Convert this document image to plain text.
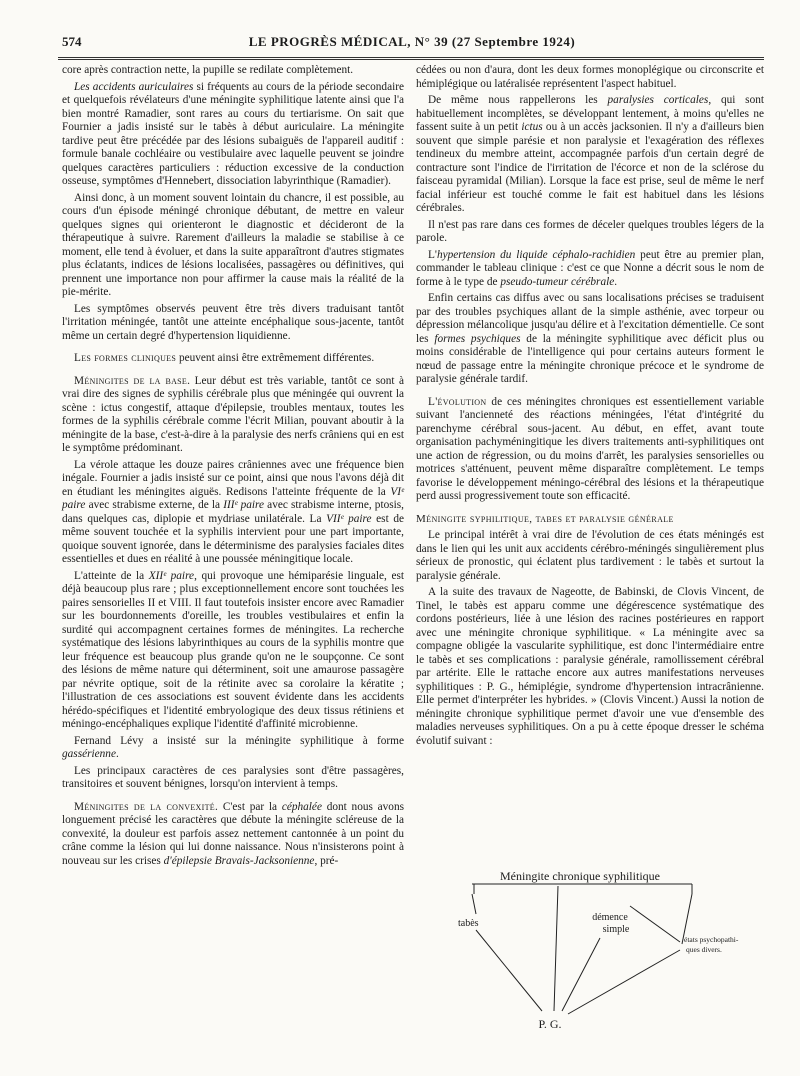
574	LE PROGRÈS MÉDICAL, N° 39 (27 Septembre 1924)

core après contraction nette, la pupille se redilate complètement.

Les accidents auriculaires si fréquents au cours de la période secondaire et quelquefois révélateurs d'une méningite syphilitique latente ainsi que l'a bien montré Ramadier, sont rares au cours du tertiarisme. On sait que Fournier a jadis insisté sur le tabès à début auriculaire. La méningite tardive peut être précédée par des lésions subaiguës de l'appareil auditif : formule banale cochléaire ou vestibulaire avec laquelle peuvent se joindre quelques caractères particuliers : réduction excessive de la conduction osseuse, symptômes d'Hennebert, dissociation labyrinthique (Ramadier).

Ainsi donc, à un moment souvent lointain du chancre, il est possible, au cours d'un épisode méningé chronique débutant, de mettre en valeur quelques signes qui orienteront le diagnostic et décideront de la thérapeutique à suivre. Rarement d'ailleurs la maladie se stabilise à ce moment, elle tend à évoluer, et dans la suite apparaîtront d'autres stigmates plus éclatants, indices de lésions localisées, passagères ou définitives, qui prennent une importance non pour affirmer la cause mais la réalité de la pie-mérite.

Les symptômes observés peuvent être très divers traduisant tantôt l'irritation méningée, tantôt une atteinte encéphalique sous-jacente, tantôt même un certain degré d'hypertension liquidienne.

Les formes cliniques peuvent ainsi être extrêmement différentes.

Méningites de la base. Leur début est très variable, tantôt ce sont à vrai dire des signes de syphilis cérébrale plus que méningée qui ouvrent la scène : ictus congestif, attaque d'épilepsie, troubles mentaux, toutes les formes de la syphilis cérébrale comme l'écrit Milian, pouvant aboutir à la méningite de la base, c'est-à-dire à la paralysie des nerfs crâniens qui en est le symptôme prédominant.

La vérole attaque les douze paires crâniennes avec une fréquence bien inégale. Fournier a jadis insisté sur ce point, ainsi que nous l'avons déjà dit en étudiant les méningites aiguës. Redisons l'atteinte fréquente de la VIᵉ paire avec strabisme externe, de la IIIᵉ paire avec strabisme interne, ptosis, dans quelques cas, diplopie et mydriase unilatérale. La VIIᵉ paire est de même souvent touchée et la syphilis intervient pour une part importante, quoique souvent ignorée, dans le déterminisme des paralysies faciales dites essentielles et dues en réalité à une poussée méningitique locale.

L'atteinte de la XIIᵉ paire, qui provoque une hémiparésie linguale, est déjà beaucoup plus rare ; plus exceptionnellement encore sont touchées les paires sensorielles II et VIII. Il faut toutefois insister encore avec Ramadier sur les bourdonnements d'oreille, les troubles vestibulaires et enfin la surdité qui accompagnent certaines formes de méningites. La recherche systématique des lésions labyrinthiques au cours de la syphilis montre que leur fréquence est beaucoup plus grande qu'on ne le soupçonne. Ce sont des lésions de même nature qui déterminent, soit une amaurose passagère par névrite optique, soit de la rétinite avec sa corolaire la kératite ; l'illustration de ces associations est souvent évidente dans les accidents hérédo-spécifiques et l'identité embryologique des deux tissus rétiniens et méningo-encéphaliques explique l'identité d'affinité microbienne.

Fernand Lévy a insisté sur la méningite syphilitique à forme gassérienne.

Les principaux caractères de ces paralysies sont d'être passagères, transitoires et souvent bénignes, lorsqu'on intervient à temps.

Méningites de la convexité. C'est par la céphalée dont nous avons longuement précisé les caractères que débute la méningite scléreuse de la convexité, la douleur est parfois assez nettement cantonnée à un point du crâne comme la lésion qui lui donne naissance. Nous n'insisterons point à nouveau sur les crises d'épilepsie Bravais-Jacksonienne, pré-

cédées ou non d'aura, dont les deux formes monoplégique ou circonscrite et hémiplégique ou latéralisée représentent l'aspect habituel.

De même nous rappellerons les paralysies corticales, qui sont habituellement incomplètes, se développant lentement, à moins qu'elles ne fassent suite à un petit ictus ou à un accès jacksonien. Il n'y a d'ailleurs bien souvent que simple parésie et non paralysie et l'exagération des réflexes tendineux du membre atteint, accompagnée parfois d'un certain degré de contracture sont l'indice de l'irritation de l'écorce et non de la sclérose du faisceau pyramidal (Milian). Lorsque la face est prise, seul de même le nerf facial inférieur est touché comme le fait est habituel dans les lésions cérébrales.

Il n'est pas rare dans ces formes de déceler quelques troubles légers de la parole.

L'hypertension du liquide céphalo-rachidien peut être au premier plan, commander le tableau clinique : c'est ce que Nonne a décrit sous le nom de forme à le type de pseudo-tumeur cérébrale.

Enfin certains cas diffus avec ou sans localisations précises se traduisent par des troubles psychiques allant de la simple asthénie, avec torpeur ou dépression mélancolique jusqu'au délire et à l'excitation démentielle. Ce sont les formes psychiques de la méningite syphilitique avec déficit plus ou moins considérable de l'intelligence qui pour certains auteurs forment le nœud de passage entre la méningite chronique précoce et le syndrome de paralysie générale tardif.

L'évolution de ces méningites chroniques est essentiellement variable suivant l'ancienneté des réactions méningées, l'état d'intégrité du parenchyme cérébral sous-jacent. Au début, en effet, avant toute organisation pachyméningitique les divers traitements anti-syphilitiques ont une action de régression, ou du moins d'arrêt, les paralysies sensorielles ou motrices s'atténuent, peuvent même disparaître complètement. Le temps favorise le développement méningo-cérébral des lésions et la thérapeutique perd aussi progressivement toute son efficacité.

Méningite syphilitique, tabes et paralysie générale

Le principal intérêt à vrai dire de l'évolution de ces états méningés est dans le lien qui les unit aux accidents cérébro-méningés singulièrement plus sérieux de pronostic, qui éclatent plus tardivement : le tabès et surtout la paralysie générale.

A la suite des travaux de Nageotte, de Babinski, de Clovis Vincent, de Tinel, le tabès est apparu comme une dégérescence systématique des cordons postérieurs, liée à une lésion des racines postérieures en rapport avec une méningite chronique syphilitique. « La méningite avec sa compagne obligée la vascularite syphilitique, est donc l'intermédiaire entre le tabès et ses complications : paralysie générale, ramollissement cérébral par artérite. Elle le rattache encore aux autres manifestations nerveuses syphilitiques : P. G., hémiplégie, syndrome d'hypertension intracrânienne. Elle permet d'interpréter les hybrides. » (Clovis Vincent.) Aussi la notion de méningite chronique syphilitique permet d'avoir une vue d'ensemble des maladies nerveuses syphilitiques. On a pu à cette époque dresser le schéma évolutif suivant :

Méningite chronique syphilitique
tabès
démence
simple
états psychopathi-
ques divers.
P. G.
